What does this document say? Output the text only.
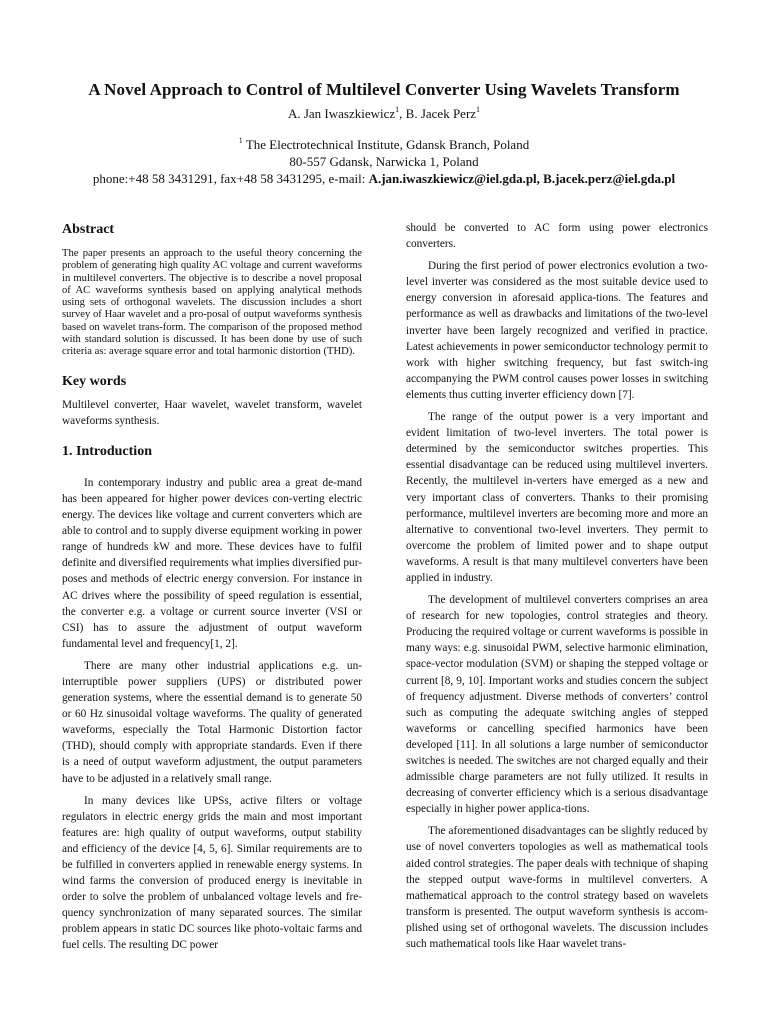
A Novel Approach to Control of Multilevel Converter Using Wavelets Transform
A. Jan Iwaszkiewicz$^1$, B. Jacek Perz$^1$
$^1$ The Electrotechnical Institute, Gdansk Branch, Poland
80-557 Gdansk, Narwicka 1, Poland
phone:+48 58 3431291, fax+48 58 3431295, e-mail: A.jan.iwaszkiewicz@iel.gda.pl, B.jacek.perz@iel.gda.pl
Abstract

The paper presents an approach to the useful theory concerning the problem of generating high quality AC voltage and current waveforms in multilevel converters. The objective is to describe a novel proposal of AC waveforms synthesis based on applying analytical methods using sets of orthogonal wavelets. The discussion includes a short survey of Haar wavelet and a pro-posal of output waveforms synthesis based on wavelet trans-form. The comparison of the proposed method with standard solution is discussed. It has been done by use of such criteria as: average square error and total harmonic distortion (THD).

Key words

Multilevel converter, Haar wavelet, wavelet transform, wavelet waveforms synthesis.

1. Introduction

In contemporary industry and public area a great de-mand has been appeared for higher power devices con-verting electric energy. The devices like voltage and current converters which are able to control and to supply diverse equipment working in power range of hundreds kW and more. These devices have to fulfil definite and diversified requirements what implies diversified pur-poses and methods of electric energy conversion. For instance in AC drives where the possibility of speed regulation is essential, the converter e.g. a voltage or current source inverter (VSI or CSI) has to assure the adjustment of output waveform fundamental level and frequency[1, 2].

There are many other industrial applications e.g. un-interruptible power suppliers (UPS) or distributed power generation systems, where the essential demand is to generate 50 or 60 Hz sinusoidal voltage waveforms. The quality of generated waveforms, especially the Total Harmonic Distortion factor (THD), should comply with appropriate standards. Even if there is a need of output waveform adjustment, the output parameters have to be adjusted in a relatively small range.

In many devices like UPSs, active filters or voltage regulators in electric energy grids the main and most important features are: high quality of output waveforms, output stability and efficiency of the device [4, 5, 6]. Similar requirements are to be fulfilled in converters applied in renewable energy systems. In wind farms the conversion of produced energy is inevitable in order to solve the problem of unbalanced voltage levels and fre-quency synchronization of many separated sources. The similar problem appears in static DC sources like photo-voltaic farms and fuel cells. The resulting DC power

should be converted to AC form using power electronics converters.

During the first period of power electronics evolution a two-level inverter was considered as the most suitable device used to energy conversion in aforesaid applica-tions. The features and performance as well as drawbacks and limitations of the two-level inverter have been largely recognized and verified in practice. Latest achievements in power semiconductor technology permit to work with higher switching frequency, but fast switch-ing accompanying the PWM control causes power losses in switching elements thus cutting inverter efficiency down [7].

The range of the output power is a very important and evident limitation of two-level inverters. The total power is determined by the semiconductor switches properties. This essential disadvantage can be reduced using multilevel inverters. Recently, the multilevel in-verters have emerged as a new and very important class of converters. Thanks to their promising performance, multilevel inverters are becoming more and more an alternative to conventional two-level inverters. They permit to overcome the problem of limited power and to shape output waveforms. A result is that many multilevel converters have been applied in industry.

The development of multilevel converters comprises an area of research for new topologies, control strategies and theory. Producing the required voltage or current waveforms is possible in many ways: e.g. sinusoidal PWM, selective harmonic elimination, space-vector modulation (SVM) or shaping the stepped voltage or current [8, 9, 10]. Important works and studies concern the subject of frequency adjustment. Diverse methods of converters’ control such as computing the adequate switching angles of stepped waveforms or cancelling specified harmonics have been developed [11]. In all solutions a large number of semiconductor switches is needed. The switches are not charged equally and their admissible charge parameters are not fully utilized. It results in decreasing of converter efficiency which is a serious disadvantage especially in higher power applica-tions.

The aforementioned disadvantages can be slightly reduced by use of novel converters topologies as well as mathematical tools aided control strategies. The paper deals with technique of shaping the stepped output wave-forms in multilevel converters. A mathematical approach to the control strategy based on wavelets transform is presented. The output waveform synthesis is accom-plished using set of orthogonal wavelets. The discussion includes such mathematical tools like Haar wavelet trans-
